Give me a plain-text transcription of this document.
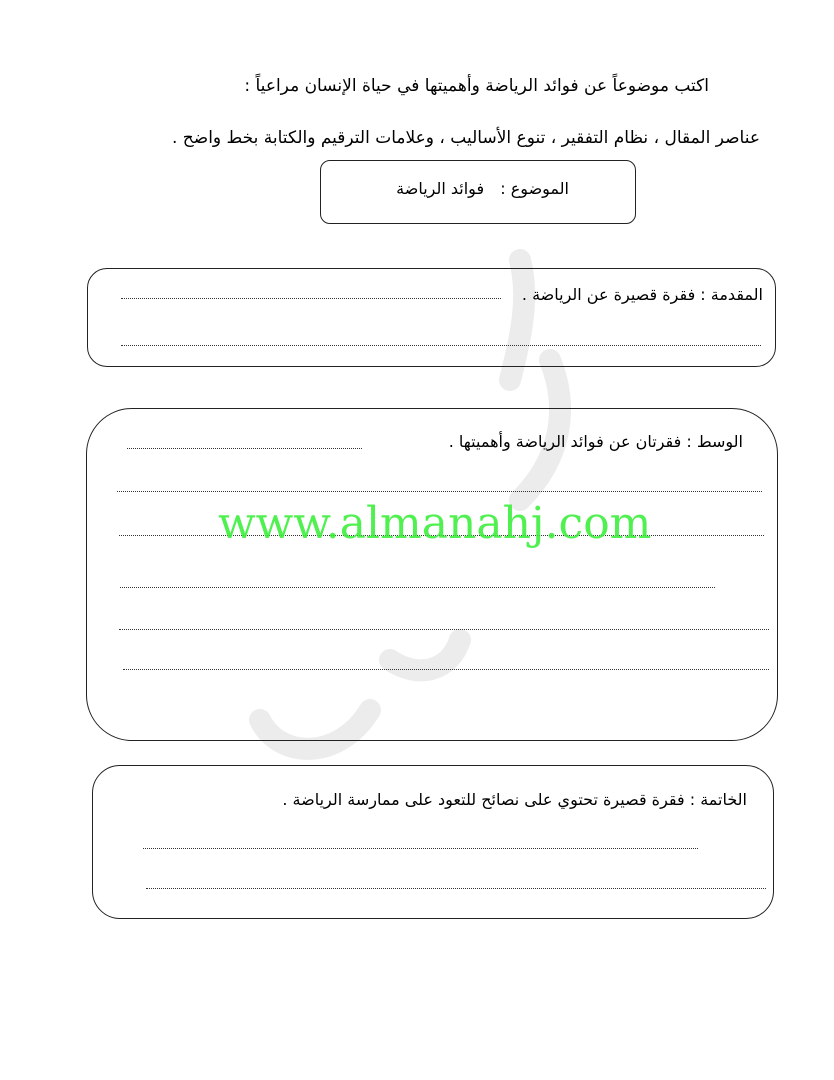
اكتب موضوعاً عن فوائد الرياضة وأهميتها في حياة الإنسان مراعياً :
عناصر المقال ، نظام التفقير ، تنوع الأساليب ، وعلامات الترقيم والكتابة بخط واضح .
الموضوع :  فوائد الرياضة
المقدمة : فقرة قصيرة عن الرياضة .
الوسط : فقرتان عن فوائد الرياضة وأهميتها .
الخاتمة : فقرة قصيرة تحتوي على نصائح للتعود على ممارسة الرياضة .
www.almanahj.com
